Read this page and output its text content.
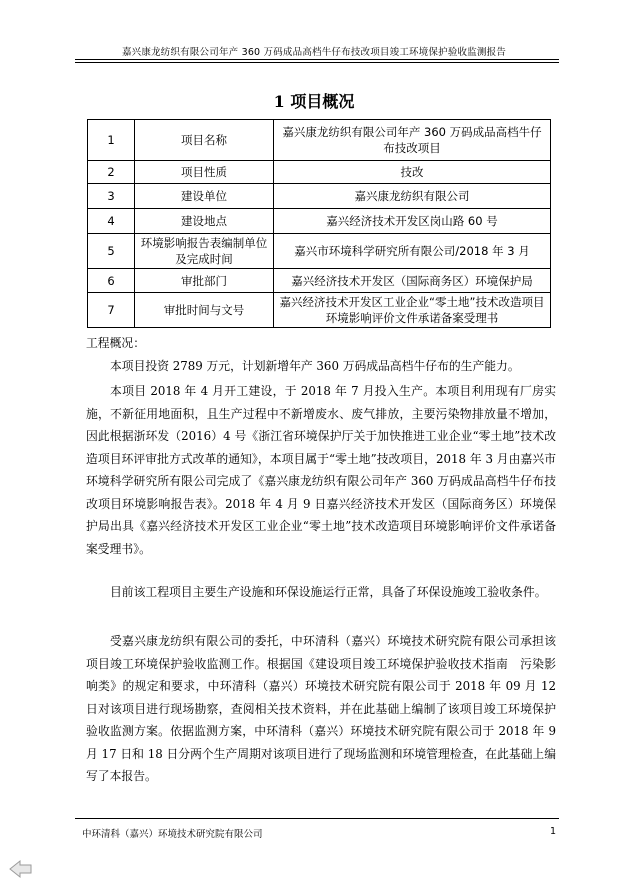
嘉兴康龙纺织有限公司年产 360 万码成品高档牛仔布技改项目竣工环境保护验收监测报告
1 项目概况
1	项目名称	嘉兴康龙纺织有限公司年产 360 万码成品高档牛仔布技改项目
2	项目性质	技改
3	建设单位	嘉兴康龙纺织有限公司
4	建设地点	嘉兴经济技术开发区岗山路 60 号
5	环境影响报告表编制单位及完成时间	嘉兴市环境科学研究所有限公司/2018 年 3 月
6	审批部门	嘉兴经济技术开发区（国际商务区）环境保护局
7	审批时间与文号	嘉兴经济技术开发区工业企业“零土地”技术改造项目环境影响评价文件承诺备案受理书

工程概况：

本项目投资 2789 万元，计划新增年产 360 万码成品高档牛仔布的生产能力。

本项目 2018 年 4 月开工建设，于 2018 年 7 月投入生产。本项目利用现有厂房实施，不新征用地面积，且生产过程中不新增废水、废气排放，主要污染物排放量不增加，因此根据浙环发（2016）4 号《浙江省环境保护厅关于加快推进工业企业“零土地”技术改造项目环评审批方式改革的通知》，本项目属于“零土地”技改项目，2018 年 3 月由嘉兴市环境科学研究所有限公司完成了《嘉兴康龙纺织有限公司年产 360 万码成品高档牛仔布技改项目环境影响报告表》。2018 年 4 月 9 日嘉兴经济技术开发区（国际商务区）环境保护局出具《嘉兴经济技术开发区工业企业“零土地”技术改造项目环境影响评价文件承诺备案受理书》。

目前该工程项目主要生产设施和环保设施运行正常，具备了环保设施竣工验收条件。

受嘉兴康龙纺织有限公司的委托，中环清科（嘉兴）环境技术研究院有限公司承担该项目竣工环境保护验收监测工作。根据国《建设项目竣工环境保护验收技术指南　污染影响类》的规定和要求，中环清科（嘉兴）环境技术研究院有限公司于 2018 年 09 月 12 日对该项目进行现场勘察，查阅相关技术资料，并在此基础上编制了该项目竣工环境保护验收监测方案。依据监测方案，中环清科（嘉兴）环境技术研究院有限公司于 2018 年 9 月 17 日和 18 日分两个生产周期对该项目进行了现场监测和环境管理检查，在此基础上编写了本报告。

中环清科（嘉兴）环境技术研究院有限公司	1
